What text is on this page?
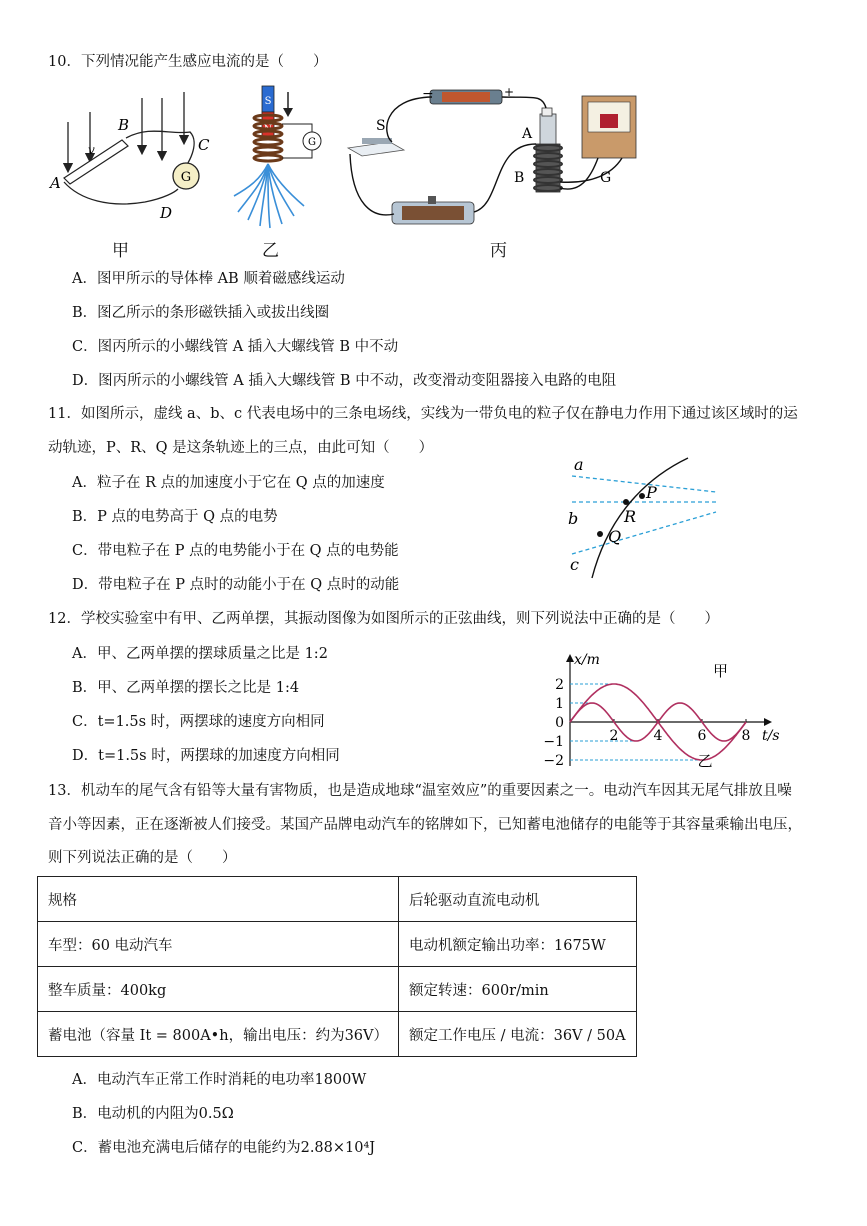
10．下列情况能产生感应电流的是（　　）
G
A
B
C
D
v
甲
S
N
G
乙
−	+
S	A
B	G
丙
A．图甲所示的导体棒 AB 顺着磁感线运动
B．图乙所示的条形磁铁插入或拔出线圈
C．图丙所示的小螺线管 A 插入大螺线管 B 中不动
D．图丙所示的小螺线管 A 插入大螺线管 B 中不动，改变滑动变阻器接入电路的电阻
11．如图所示，虚线 a、b、c 代表电场中的三条电场线，实线为一带负电的粒子仅在静电力作用下通过该区域时的运
动轨迹，P、R、Q 是这条轨迹上的三点，由此可知（　　）
a
b
c
P
R
Q
A．粒子在 R 点的加速度小于它在 Q 点的加速度
B．P 点的电势高于 Q 点的电势
C．带电粒子在 P 点的电势能小于在 Q 点的电势能
D．带电粒子在 P 点时的动能小于在 Q 点时的动能
12．学校实验室中有甲、乙两单摆，其振动图像为如图所示的正弦曲线，则下列说法中正确的是（　　）
2
1
0
−1
−2
2	4	6	8 t/s
x/m
甲
乙
A．甲、乙两单摆的摆球质量之比是 1:2
B．甲、乙两单摆的摆长之比是 1:4
C．t=1.5s 时，两摆球的速度方向相同
D．t=1.5s 时，两摆球的加速度方向相同
13．机动车的尾气含有铅等大量有害物质，也是造成地球“温室效应”的重要因素之一。电动汽车因其无尾气排放且噪
音小等因素，正在逐渐被人们接受。某国产品牌电动汽车的铭牌如下，已知蓄电池储存的电能等于其容量乘输出电压，
则下列说法正确的是（　　）
规格	后轮驱动直流电动机
车型：60 电动汽车	电动机额定输出功率：1675W
整车质量：400kg	额定转速：600r/min
蓄电池（容量 It = 800A•h，输出电压：约为36V）	额定工作电压 / 电流：36V / 50A
A．电动汽车正常工作时消耗的电功率1800W
B．电动机的内阻为0.5Ω
C．蓄电池充满电后储存的电能约为2.88×10⁴J
